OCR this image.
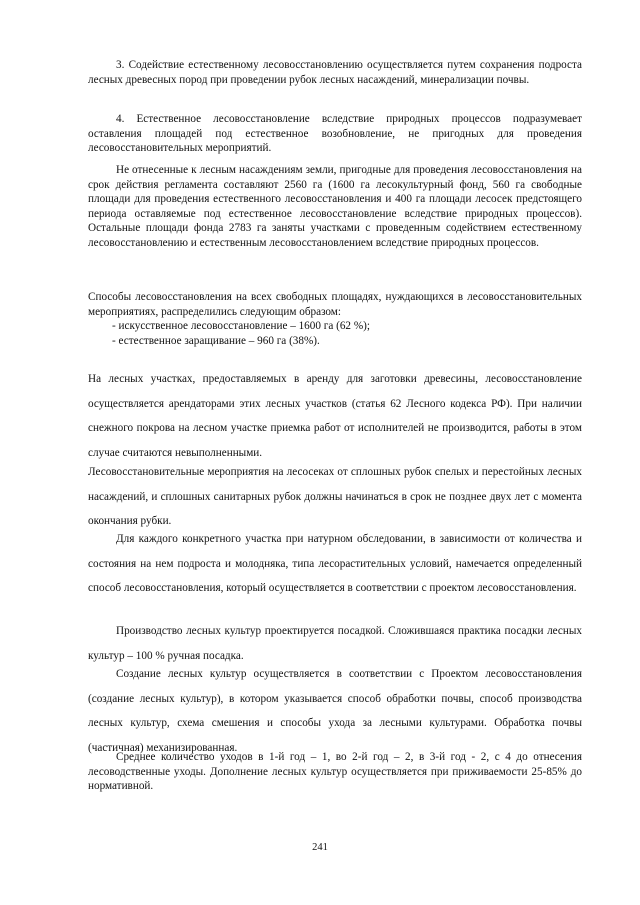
3. Содействие естественному лесовосстановлению осуществляется путем сохранения подроста лесных древесных пород при проведении рубок лесных насаждений, минерализации почвы.

4. Естественное лесовосстановление вследствие природных процессов подразумевает оставления площадей под естественное возобновление, не пригодных для проведения лесовосстановительных мероприятий.

Не отнесенные к лесным насаждениям земли, пригодные для проведения лесовосстановления на срок действия регламента составляют 2560 га (1600 га лесокультурный фонд, 560 га свободные площади для проведения естественного лесовосстановления и 400 га площади лесосек предстоящего периода оставляемые под естественное лесовосстановление вследствие природных процессов). Остальные площади фонда 2783 га заняты участками с проведенным содействием естественному лесовосстановлению и естественным лесовосстановлением вследствие природных процессов.

Способы лесовосстановления на всех свободных площадях, нуждающихся в лесовосстановительных мероприятиях, распределились следующим образом:
- искусственное лесовосстановление – 1600 га (62 %);
- естественное заращивание – 960 га (38%).

На лесных участках, предоставляемых в аренду для заготовки древесины, лесовосстановление осуществляется арендаторами этих лесных участков (статья 62 Лесного кодекса РФ). При наличии снежного покрова на лесном участке приемка работ от исполнителей не производится, работы в этом случае считаются невыполненными.

Лесовосстановительные мероприятия на лесосеках от сплошных рубок спелых и перестойных лесных насаждений, и сплошных санитарных рубок должны начинаться в срок не позднее двух лет с момента окончания рубки.

Для каждого конкретного участка при натурном обследовании, в зависимости от количества и состояния на нем подроста и молодняка, типа лесорастительных условий, намечается определенный способ лесовосстановления, который осуществляется в соответствии с проектом лесовосстановления.

Производство лесных культур проектируется посадкой. Сложившаяся практика посадки лесных культур – 100 % ручная посадка.

Создание лесных культур осуществляется в соответствии с Проектом лесовосстановления (создание лесных культур), в котором указывается способ обработки почвы, способ производства лесных культур, схема смешения и способы ухода за лесными культурами. Обработка почвы (частичная) механизированная.

Среднее количество уходов в 1-й год – 1, во 2-й год – 2, в 3-й год - 2, с 4 до отнесения лесоводственные уходы. Дополнение лесных культур осуществляется при приживаемости 25-85% до нормативной.

241
